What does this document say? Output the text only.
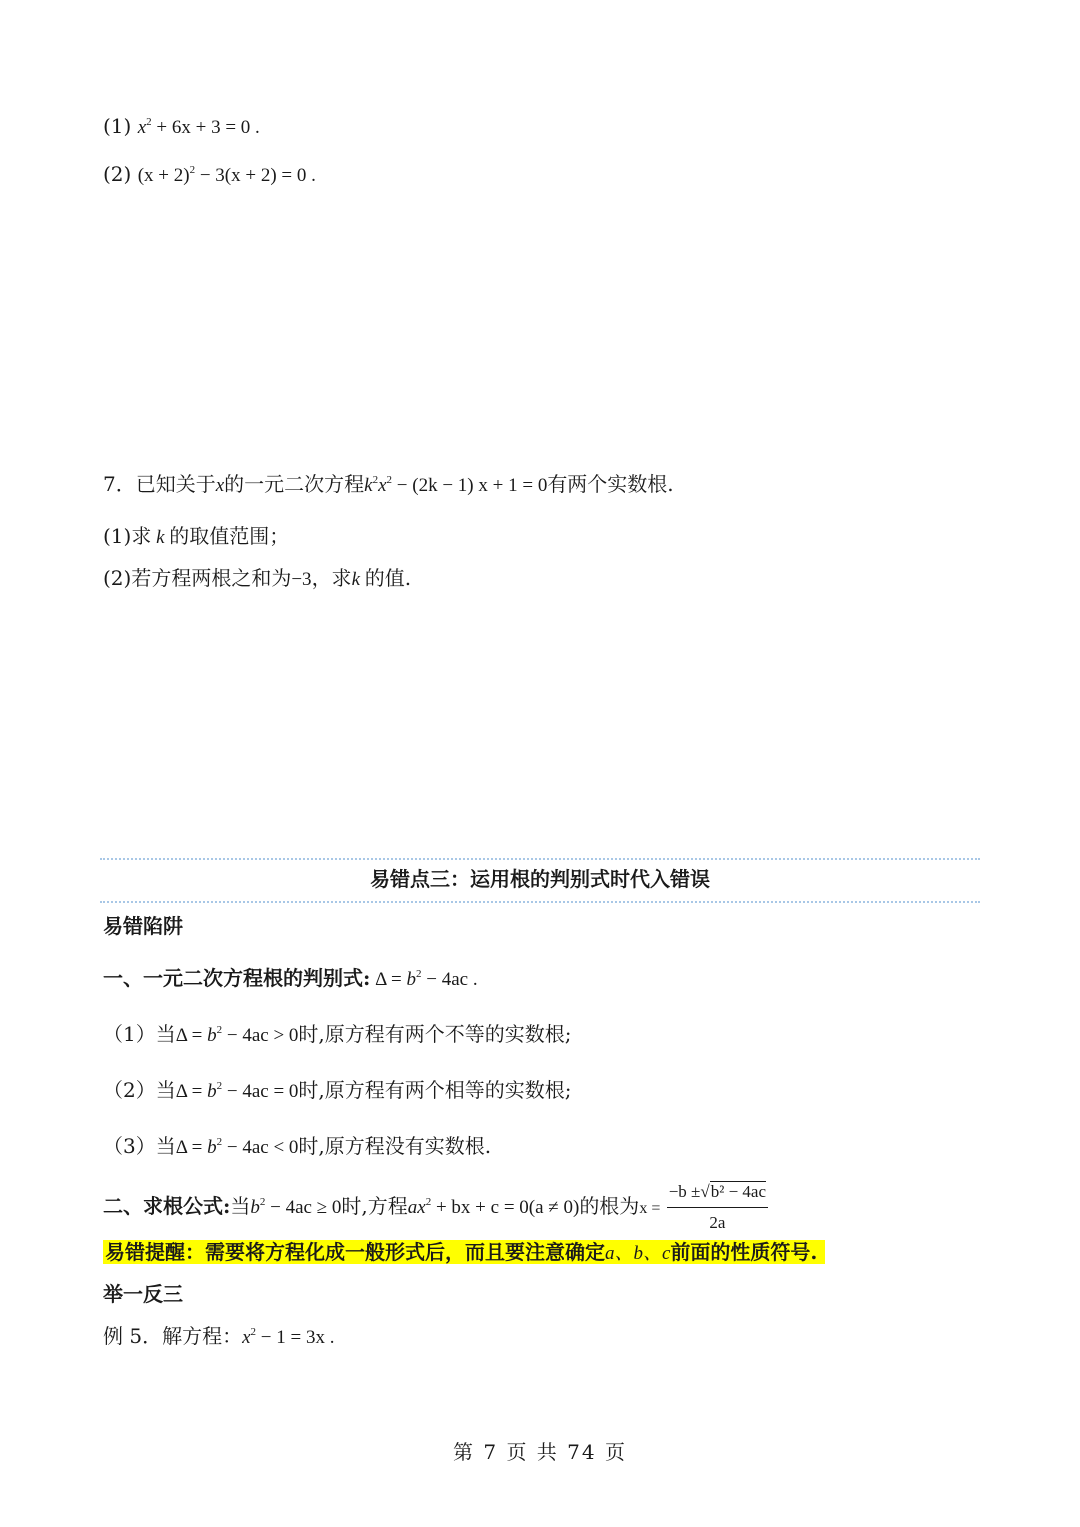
(1) $x^2 + 6x + 3 = 0$ .
(2) $(x + 2)^2 - 3(x + 2) = 0$ .
7．已知关于x的一元二次方程$k^2x^2 - (2k - 1) x + 1 = 0$有两个实数根.
(1)求 k 的取值范围；
(2)若方程两根之和为−3，求k 的值.
易错点三：运用根的判别式时代入错误
易错陷阱
一、一元二次方程根的判别式: $\Delta = b^2 - 4ac$ .
（1）当$\Delta = b^2 - 4ac > 0$时,原方程有两个不等的实数根;
（2）当$\Delta = b^2 - 4ac = 0$时,原方程有两个相等的实数根;
（3）当$\Delta = b^2 - 4ac < 0$时,原方程没有实数根.
二、求根公式:当$b^2 - 4ac \ge 0$时,方程$ax^2$ + bx + c = 0(a ≠ 0)的根为$x = \frac{\text{−b ±√b² − 4ac}}{2a}$
易错提醒：需要将方程化成一般形式后，而且要注意确定a、b、c前面的性质符号.
举一反三
例 5．解方程：$x^2 - 1 = 3x$ .
第 7 页 共 74 页
